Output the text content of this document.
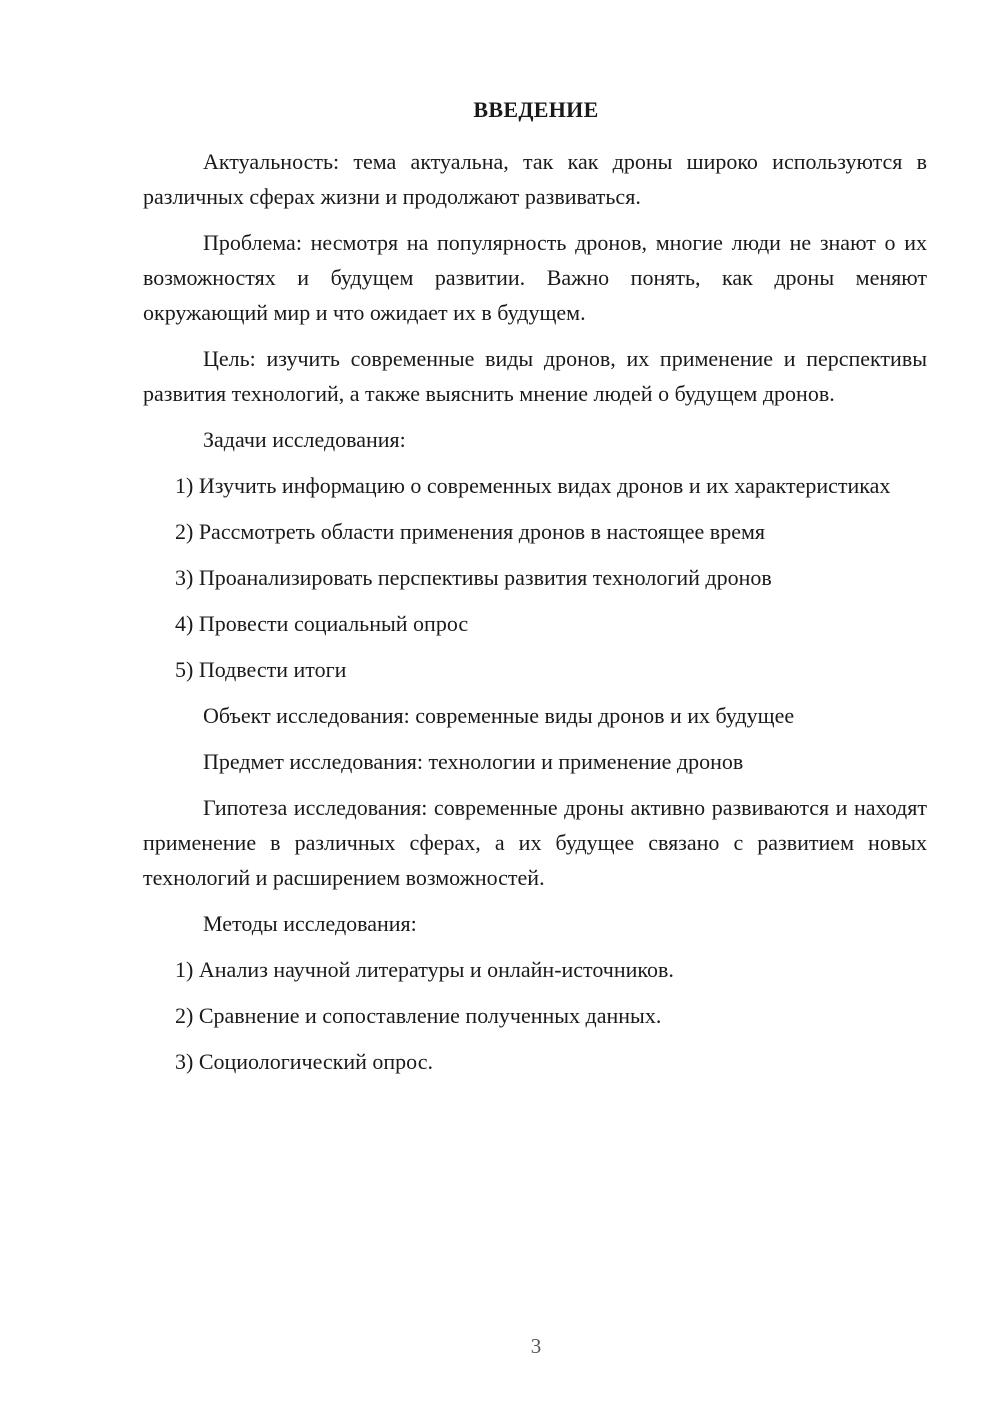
ВВЕДЕНИЕ

Актуальность: тема актуальна, так как дроны широко используются в различных сферах жизни и продолжают развиваться.

Проблема: несмотря на популярность дронов, многие люди не знают о их возможностях и будущем развитии. Важно понять, как дроны меняют окружающий мир и что ожидает их в будущем.

Цель: изучить современные виды дронов, их применение и перспективы развития технологий, а также выяснить мнение людей о будущем дронов.

Задачи исследования:

1) Изучить информацию о современных видах дронов и их характеристиках

2) Рассмотреть области применения дронов в настоящее время

3) Проанализировать перспективы развития технологий дронов

4) Провести социальный опрос

5) Подвести итоги

Объект исследования: современные виды дронов и их будущее

Предмет исследования: технологии и применение дронов

Гипотеза исследования: современные дроны активно развиваются и находят применение в различных сферах, а их будущее связано с развитием новых технологий и расширением возможностей.

Методы исследования:

1) Анализ научной литературы и онлайн-источников.

2) Сравнение и сопоставление полученных данных.

3) Социологический опрос.

3
